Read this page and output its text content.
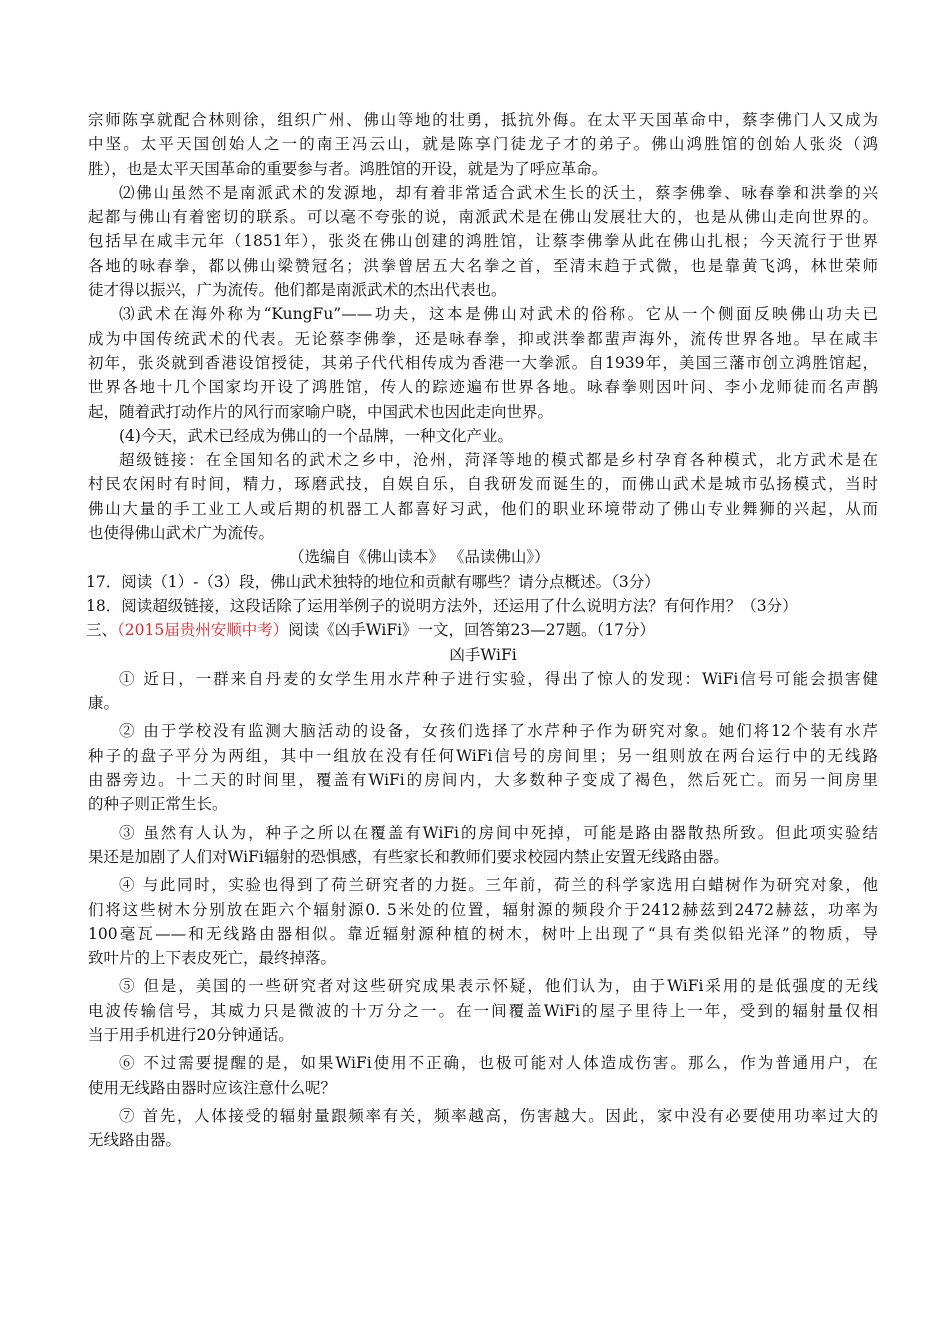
宗师陈享就配合林则徐，组织广州、佛山等地的壮勇，抵抗外侮。在太平天国革命中，蔡李佛门人又成为
中坚。太平天国创始人之一的南王冯云山，就是陈享门徒龙子才的弟子。佛山鸿胜馆的创始人张炎（鸿
胜），也是太平天国革命的重要参与者。鸿胜馆的开设，就是为了呼应革命。
⑵佛山虽然不是南派武术的发源地，却有着非常适合武术生长的沃土，蔡李佛拳、咏春拳和洪拳的兴
起都与佛山有着密切的联系。可以毫不夸张的说，南派武术是在佛山发展壮大的，也是从佛山走向世界的。
包括早在咸丰元年（1851年），张炎在佛山创建的鸿胜馆，让蔡李佛拳从此在佛山扎根；今天流行于世界
各地的咏春拳，都以佛山梁赞冠名；洪拳曾居五大名拳之首，至清末趋于式微，也是靠黄飞鸿，林世荣师
徒才得以振兴，广为流传。他们都是南派武术的杰出代表也。
⑶武术在海外称为“KungFu”——功夫，这本是佛山对武术的俗称。它从一个侧面反映佛山功夫已
成为中国传统武术的代表。无论蔡李佛拳，还是咏春拳，抑或洪拳都蜚声海外，流传世界各地。早在咸丰
初年，张炎就到香港设馆授徒，其弟子代代相传成为香港一大拳派。自1939年，美国三藩市创立鸿胜馆起，
世界各地十几个国家均开设了鸿胜馆，传人的踪迹遍布世界各地。咏春拳则因叶问、李小龙师徒而名声鹊
起，随着武打动作片的风行而家喻户晓，中国武术也因此走向世界。
(4)今天，武术已经成为佛山的一个品牌，一种文化产业。
超级链接：在全国知名的武术之乡中，沧州，菏泽等地的模式都是乡村孕育各种模式，北方武术是在
村民农闲时有时间，精力，琢磨武技，自娱自乐，自我研发而诞生的，而佛山武术是城市弘扬模式，当时
佛山大量的手工业工人或后期的机器工人都喜好习武，他们的职业环境带动了佛山专业舞狮的兴起，从而
也使得佛山武术广为流传。
（选编自《佛山读本》 《品读佛山》）
17．阅读（1）-（3）段，佛山武术独特的地位和贡献有哪些？请分点概述。（3分）
18．阅读超级链接，这段话除了运用举例子的说明方法外，还运用了什么说明方法？有何作用？（3分）
三、（2015届贵州安顺中考）阅读《凶手WiFi》一文，回答第23—27题。（17分）
凶手WiFi
① 近日，一群来自丹麦的女学生用水芹种子进行实验，得出了惊人的发现：WiFi信号可能会损害健
康。
② 由于学校没有监测大脑活动的设备，女孩们选择了水芹种子作为研究对象。她们将12个装有水芹
种子的盘子平分为两组，其中一组放在没有任何WiFi信号的房间里；另一组则放在两台运行中的无线路
由器旁边。十二天的时间里，覆盖有WiFi的房间内，大多数种子变成了褐色，然后死亡。而另一间房里
的种子则正常生长。
③ 虽然有人认为，种子之所以在覆盖有WiFi的房间中死掉，可能是路由器散热所致。但此项实验结
果还是加剧了人们对WiFi辐射的恐惧感，有些家长和教师们要求校园内禁止安置无线路由器。
④ 与此同时，实验也得到了荷兰研究者的力挺。三年前，荷兰的科学家选用白蜡树作为研究对象，他
们将这些树木分别放在距六个辐射源0. 5米处的位置，辐射源的频段介于2412赫兹到2472赫兹，功率为
100毫瓦——和无线路由器相似。靠近辐射源种植的树木，树叶上出现了“具有类似铅光泽”的物质，导
致叶片的上下表皮死亡，最终掉落。
⑤ 但是，美国的一些研究者对这些研究成果表示怀疑，他们认为，由于WiFi采用的是低强度的无线
电波传输信号，其威力只是微波的十万分之一。在一间覆盖WiFi的屋子里待上一年，受到的辐射量仅相
当于用手机进行20分钟通话。
⑥ 不过需要提醒的是，如果WiFi使用不正确，也极可能对人体造成伤害。那么，作为普通用户，在
使用无线路由器时应该注意什么呢？
⑦ 首先，人体接受的辐射量跟频率有关，频率越高，伤害越大。因此，家中没有必要使用功率过大的
无线路由器。
